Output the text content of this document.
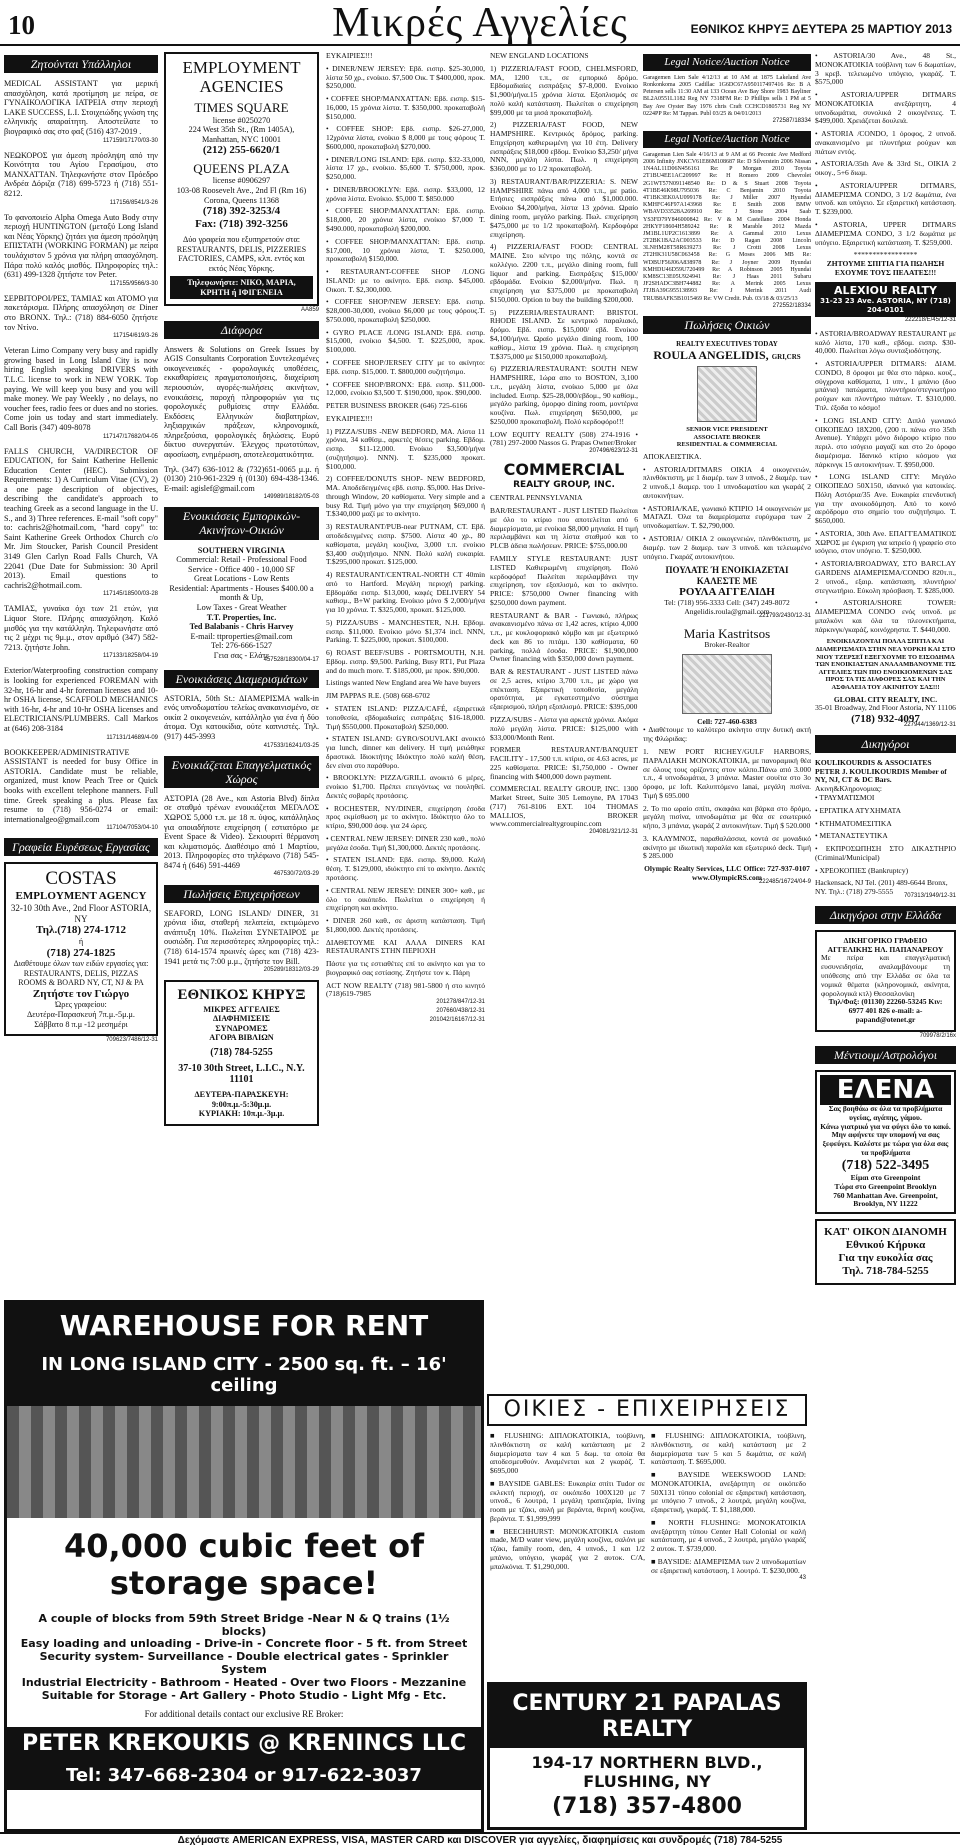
10	Μικρές Αγγελίες	ΕΘΝΙΚΟΣ ΚΗΡΥΞ ΔΕΥΤΕΡΑ 25 ΜΑΡΤΙΟΥ 2013
Ζητούνται Υπάλληλοι

MEDICAL ASSISTANT για μερική απασχόληση, κατά προτίμηση με πείρα, σε ΓΥΝΑΙΚΟΛΟΓΙΚΑ ΙΑΤΡΕΙΑ στην περιοχή LAKE SUCCESS, L.I. Στοιχειώδης γνώση της ελληνικής απαραίτητη. Αποστείλατε το βιογραφικό σας στο φαξ (516) 437-2019 .

117159/17170/03-30

ΝΕΩΚΟΡΟΣ για άμεση πρόσληψη από την Κοινότητα του Αγίου Γερασίμου, στο ΜΑΝΧΑΤΤΑΝ. Τηλεφωνήστε στον Πρόεδρο Ανδρέα Δόριζα (718) 699-5723 ή (718) 551-8212.

117156/8541/3-26

Το φανοποιείο Alpha Omega Auto Body στην περιοχή HUNTINGTON (μεταξύ Long Island και Νέας Υόρκης) ζητάει για άμεση πρόσληψη ΕΠΙΣΤΑΤΗ (WORKING FORMAN) με πείρα τουλάχιστον 5 χρόνια για πλήρη απασχόληση. Πάρα πολύ καλός μισθός. Πληροφορίες τηλ.: (631) 499-1328 ζητήστε τον Peter.

117155/9566/3-30

ΣΕΡΒΙΤΟΡΟΙ/ΡΕΣ, ΤΑΜΙΑΣ και ΑΤΟΜΟ για πακετάρισμα. Πλήρης απασχόληση σε Diner στο BRONX. Τηλ.: (718) 884-6050 ζητήστε τον Ντίνο.

117154/619/3-26

Veteran Limo Company very busy and rapidly growing based in Long Island City is now hiring English speaking DRIVERS with T.L.C. license to work in NEW YORK. Top paying. We will keep you busy and you will make money. We pay Weekly , no delays, no voucher fees, radio fees or dues and no stories. Come join us today and start immediately. Call Boris (347) 409-8078

117147/17682/04-05

FALLS CHURCH, VA/DIRECTOR OF EDUCATION, for Saint Katherine Hellenic Education Center (HEC). Submission Requirements: 1) A Curriculum Vitae (CV), 2) a one page description of objectives, describing the candidate's approach to teaching Greek as a second language in the U. S., and 3) Three references. E-mail "soft copy" to: cachris2@hotmail.com, "hard copy" to: Saint Katherine Greek Orthodox Church c/o Mr. Jim Stoucker, Parish Council President 3149 Glen Carlyn Road Falls Church, VA 22041 (Due Date for Submission: 30 April 2013). Email questions to cachris2@hotmail.com.

117145/18500/03-28

ΤΑΜΙΑΣ, γυναίκα όχι των 21 ετών, για Liquor Store. Πλήρης απασχόληση. Καλό μισθός για την κατάλληλη. Τηλεφωνήστε από τις 2 μέχρι τις 9μ.μ., στον αριθμό (347) 582-7213. ζητήστε John.

117133/18258/04-19

Exterior/Waterproofing construction company is looking for experienced FOREMAN with 32-hr, 16-hr and 4-hr foreman licenses and 10-hr OSHA license, SCAFFOLD MECHANICS with 16-hr, 4-hr and 10-hr OSHA licenses and ELECTRICIANS/PLUMBERS. Call Markos at (646) 208-3184

117131/14689/4-09

BOOKKEEPER/ADMINISTRATIVE ASSISTANT is needed for busy Office in ASTORIA. Candidate must be reliable, organized, must know Peach Tree or Quick books with excellent telephone manners. Full time. Greek speaking a plus. Please fax resume to (718) 956-0274 or email: internationalgeo@gmail.com

117104/7053/04-10
Γραφεία Ευρέσεως Εργασίας
COSTAS
EMPLOYMENT AGENCY
32-10 30th Ave., 2nd Floor ASTORIA, NY
Τηλ.(718) 274-1712
ή
(718) 274-1825
Διαθέτουμε όλων των ειδών εργασίες για: RESTAURANTS, DELIS, PIZZAS ROOMS & BOARD NY, CT, NJ & PA
Ζητήστε τον Γιώργο
Ώρες γραφείου:
Δευτέρα-Παρασκευή 7π.μ.-5μ.μ.
Σάββατο 8 π.μ -12 μεσημέρι
709623/7486/12-31
EMPLOYMENT AGENCIES
TIMES SQUARE
license #0250270
224 West 35th St., (Rm 1405A), Manhattan, NYC 10001
(212) 255-6620/1
QUEENS PLAZA
license #0906297
103-08 Roosevelt Ave., 2nd Fl (Rm 16) Corona, Queens 11368
(718) 392-3253/4
Fax: (718) 392-3256
Δύο γραφεία που εξυπηρετούν στα: RESTAURANTS, DELIS, PIZZERIES FACTORIES, CAMPS, κλπ. εντός και εκτός Νέας Υόρκης.
Τηλεφωνήστε: ΝΙΚΟ, ΜΑΡΙΑ, ΚΡΗΤΗ ή ΙΦΙΓΕΝΕΙΑ
AA859
Διάφορα

Answers & Solutions on Greek Issues by AGIS Consultants Corporation Συντελεσμένες οικογενειακές - φορολογικές υποθέσεις, εκκαθαρίσεις πραγματοποιήσεις, διαχείριση περιουσιών, αγορές-πωλήσεις ακινήτων, ενοικιάσεις, παροχή πληροφοριών για τις φορολογικές ρυθμίσεις στην Ελλάδα. Εκδόσεις Ελληνικών διαβατηρίων, ληξιαρχικών πράξεων, κληρονομικά, πληρεξούσια, φορολογικές δηλώσεις. Ευρύ δίκτυο συνεργατών. Έλεγχος πρωτοτύπων, αφοσίωση, ενημέρωση, αποτελεσματικότητα.

Τηλ. (347) 636-1012 & (732)651-0065 μ.μ. ή (0130) 210-961-2329 ή (0130) 694-438-1346. E-mail: agislef@gmail.com

149989/18182/05-03
Ενοικιάσεις Εμπορικών-Ακινήτων-Οικιών
SOUTHERN VIRGINIA
Commercial: Retail - Professional Food Service - Office 400 - 10,000 SF
Great Locations - Low Rents
Residential: Apartments - Houses $400.00 a month & Up,
Low Taxes - Great Weather
T.T. Properties, Inc.
Ted Balabanis - Chris Harvey
E-mail: ttproperties@mail.com
Tel: 276-666-1527
Γεια σας - Ελάτε
457528/18300/04-17
Ενοικιάσεις Διαμερισμάτων

ASTORIA, 50th St.: ΔΙΑΜΕΡΙΣΜΑ walk-in ενός υπνοδωματίου τελείως ανακαινισμένο, σε οικία 2 οικογενειών, κατάλληλο για ένα ή δύο άτομα. Όχι κατοικίδια, ούτε καπνιστές. Τηλ. (917) 445-3993

417533/16241/03-25
Ενοικιάζεται Επαγγελματικός Χώρος

ΑΣΤΟΡΙΑ (28 Ave., και Astoria Blvd) δίπλα σε σταθμό τρένων ενοικιάζεται ΜΕΓΑΛΟΣ ΧΩΡΟΣ 5,000 τ.π. με 18 π. ύψος, κατάλληλος για οποιαδήποτε επιχείρηση ( εστιατόριο με Event Space & Video). Σεκιουριτί θέρμανση και κλιματισμός. Διαθέσιμο από 1 Μαρτίου, 2013. Πληροφορίες στο τηλέφωνο (718) 545-8474 ή (646) 591-4469

467530/72/03-29
Πωλήσεις Επιχειρήσεων

SEAFORD, LONG ISLAND/ DINER, 31 χρόνια ίδια, σταθερή πελατεία, εκτιμώμενο ανάπτυξη 10%. Πωλείται ΣΥΝΕΤΑΙΡΟΣ με ουσιώδη. Για περισσότερες πληροφορίες τηλ.: (718) 614-1574 πρωινές ώρες και (718) 423-1941 μετά τις 7:00 μ.μ., ζητήστε τον Bill.

205289/18312/03-29
ΕΘΝΙΚΟΣ ΚΗΡΥΞ
ΜΙΚΡΕΣ ΑΓΓΕΛΙΕΣ
ΔΙΑΦΗΜΙΣΕΙΣ
ΣΥΝΔΡΟΜΕΣ
ΑΓΟΡΑ ΒΙΒΛΙΩΝ
(718) 784-5255
37-10 30th Street, L.I.C., N.Y. 11101
ΔΕΥΤΕΡΑ-ΠΑΡΑΣΚΕΥΗ:
9:00π.μ.-5:30μ.μ.
ΚΥΡΙΑΚΗ: 10π.μ.-3μ.μ.
ΕΥΚΑΙΡΙΕΣ!!!
• DINER/NEW JERSEY: Εβδ. εισπρ. $25-30,000, λίστα 50 χρ., ενοίκιο. $7,500 Οικ. T $400,000, προκ. $250,000.
• COFFEE SHOP/ΜΑΝΧΑΤΤΑΝ: Εβδ. εισπρ. $15-16,000, 15 χρόνια λίστα. T. $350,000. προκαταβολή $150,000.
• COFFEE SHOP: Εβδ. εισπρ. $26-27,000, 12χρόνια λίστα, ενοίκιο $ 8,000 με τους φόρους T. $600,000, προκαταβολή $270,000.
• DINER/LONG ISLAND: Εβδ. εισπρ. $32-33,000, λίστα 17 χρ., ενοίκιο. $5,600 T. $750,000, προκ. $250,000.
• DINER/BROOKLYN: Εβδ. εισπρ. $33,000, 12 χρόνια λίστα. Ενοίκιο. $5,000 T. $850.000
• COFFEE SHOP/ΜΑΝΧΑΤΤΑΝ: Εβδ. εισπρ. $18,000, 20 χρόνια λίστα, ενοίκιο $7,000 T. $490.000, προκαταβολή $200,000.
• COFFEE SHOP/ΜΑΝΧΑΤΤΑΝ: Εβδ. εισπρ. $17,000, 10 χρόνια λίστα, T. $250.000, προκαταβολή $150,000.
• RESTAURANT-COFFEE SHOP /LONG ISLAND: με το ακίνητο. Εβδ. εισπρ. $45,000. Οικοπ. T. $2,300,000.
• COFFEE SHOP/NEW JERSEY: Εβδ. εισπρ. $28,000-30,000, ενοίκιο $6,000 με τους φόρους.T. $750.000, προκαταβολή $250,000.
• GYRO PLACE /LONG ISLAND: Εβδ. εισπρ. $15,000, ενοίκιο $4,500. T. $225,000, προκ. $100,000.
• COFFEE SHOP/JERSEY CITY με το ακίνητο: Εβδ. εισπρ. $15,000. T. $800,000 συζητήσιμο.
• COFFEE SHOP/BRONX: Εβδ. εισπρ. $11,000-12,000, ενοίκιο $3,500 T. $190,000, προκ. $90,000.
PETER BUSINESS BROKER (646) 725-6166
ΕΥΚΑΙΡΙΕΣ!!!
1) PIZZA/SUBS -NEW BEDFORD, MA. Λίστα 11 χρόνια, 34 καθίσμ., αρκετές θέσεις parking. Εβδομ. εισπρ. $11-12,000. Ενοίκιο $3,500/μήνα (συζητήσιμο). NNN). T. $235,000 προκατ. $100,000.
2) COFFEE/DONUTS SHOP- NEW BEDFORD, MA. Αποδεδειγμένες εβδ. εισπρ. $5,000. Has Drive-through Window, 20 καθίσματα. Very simple and a busy Rd. Τιμή μόνο για την επιχείρηση $69,000 ή T.$340,000 μαζί με το ακίνητο.
3) RESTAURANT/PUB-near PUTNAM, CT. Εβδ. αποδεδειγμένες εισπρ. $7500. Λίστα 40 χρ., 80 καθίσματα, μεγάλη κουζίνα, 3,000 τ.π. ενοίκιο $3,400 συζητήσιμο. NNN. Πολύ καλή ευκαιρία. T.$295,000 προκατ. $125,000.
4) RESTAURANT/CENTRAL-NORTH CT 40min από το Hartford. Μεγάλη περιοχή parking. Εβδομάδα εισπρ. $13,000, καφές DELIVERY 54 καθισμ., B+W parking. Ενοίκιο μόνο $ 2,000/μήνα για 10 χρόνια. T. $325,000, προκατ. $125,000.
5) PIZZA/SUBS - MANCHESTER, N.H. Εβδομ. εισπρ. $11,000. Ενοίκιο μόνο $1,374 incl. NNN, Parking. T. $225,000, προκατ. $100,000.
6) ROAST BEEF/SUBS - PORTSMOUTH, N.H. Εβδομ. εισπρ. $9,500. Parking, Busy RT1, Put Plaza and do much more. T. $185,000, με προκ. $90,000.
Listings wanted New England area We have buyers
JIM PAPPAS R.E. (508) 668-6702
• STATEN ISLAND: PIZZA/CAFÉ, εξαιρετικά τοποθεσία, εβδομαδιαίες εισπράξεις $16-18,000. Τιμή $550,000. Προκαταβολή $250,000.
• STATEN ISLAND: GYRO/SOUVLAKI ανοικτό για lunch, dinner και delivery. Η τιμή μειώθηκε δραστικά. Ιδιοκτήτης Ιδιόκτητο πολύ καλή θέση, δεν είναι στο παράθυρο.
• BROOKLYN: PIZZA/GRILL ανοικτό 6 μέρες, ενοίκιο $1,700. Πρέπει επειγόντως να πουληθεί. Δεκτές σοβαρές προτάσεις.
• ROCHESTER, NY/DINER, επιχείρηση έσοδα προς εκμίσθωση με το ακίνητο. Ιδιόκτητο όλο το κτίριο, $90,000 άσφ. για 24 ώρες.
• CENTRAL NEW JERSEY: DINER 230 καθ., πολύ μεγάλα έσοδα. Τιμή $1,300,000. Δεκτές προτάσεις.
• STATEN ISLAND: Εβδ. εισπρ. $9,000. Καλή θέση. T. $129,000, ιδιόκτητο επί το ακίνητο. Δεκτές προτάσεις.
• CENTRAL NEW JERSEY: DINER 300+ καθ., με όλο το οικόπεδο. Πωλείται ο επιχείρηση ή επιχείρηση και ακίνητο.
• DINER 260 καθ., σε άριστη κατάσταση. Τιμή $1,800,000. Δεκτές προτάσεις.
ΔΙΑΘΕΤΟΥΜΕ ΚΑΙ ΑΛΛΑ DINERS ΚΑΙ RESTAURANTS ΣΤΗΝ ΠΕΡΙΟΧΗ
Πάστε για τις εστιαθέτες επί το ακίνητο και για το βιογραφικό σας εστίασης. Ζητήστε τον κ. Πάρη
ACT NOW REALTY (718) 981-5800 ή στο κινητό (718)619-7985
201278/847/12-31
207660/438/12-31
201042/16167/12-31
NEW ENGLAND LOCATIONS
1) PIZZERIA/FAST FOOD, CHELMSFORD, MA, 1200 τ.π., σε εμπορικό δρόμο. Εβδομαδιαίες εισπράξεις $7-8,000. Ενοίκιο $1,900/μήνα.15 χρόνια λίστα. Εξοπλισμός σε πολύ καλή κατάσταση. Πωλείται ο επιχείρηση $99,000 με τα μισά προκαταβολή.
2) PIZZERIA/FAST FOOD, NEW HAMPSHIRE. Κεντρικός δρόμος, parking. Επιχείρηση καθιερωμένη για 10 έτη. Delivery εισπράξεις $18,000 εβδομ. Ενοίκιο $3,250/ μήνα NNN, μεγάλη λίστα. Πωλ. η επιχείρηση $360,000 με το 1/2 προκαταβολή.
3) RESTAURANT/BAR/PIZZERIA: S. NEW HAMPSHIRE πάνω από 4,000 τ.π., με patio. Ετήσιες εισπράξεις πάνω από $1,000.000. Ενοίκιο $4,200/μήνα, λίστα 13 χρόνια. Ωραίο dining room, μεγάλο parking. Πωλ. επιχείρηση $475,000 με το 1/2 προκαταβολή. Κερδοφόρα επιχείρηση.
4) PIZZERIA/FAST FOOD: CENTRAL MAINE. Στο κέντρο της πόλης, κοντά σε κολλέγιο. 2200 τ.π., μεγάλο dining room, full liquor and parking. Εισπράξεις $15,000/ εβδομάδα. Ενοίκιο $2,000/μήνα. Πωλ. η επιχείρηση για $375,000 με προκαταβολή $150,000. Option to buy the building $200,000.
5) PIZZERIA/RESTAURANT: BRISTOL RHODE ISLAND. Σε κεντρικό παραλιακό, δρόμο. Εβδ. εισπρ. $15,000/ εβδ. Ενοίκιο $4,100/μήνα. Ωραίο μεγάλο dining room, 100 καθίσμ., λίστα 19 χρόνια. Πωλ. η επιχείρηση T.$375,000 με $150,000 προκαταβολή.
6) PIZZERIA/RESTAURANT: SOUTH NEW HAMPSHIRE, 1ώρα απο το BOSTON, 3,100 τ.π., μεγάλη λίστα, ενοίκιο 5,000 με όλα included. Εισπρ. $25-28,000/εβδομ., 90 καθίσμ., μεγάλο parking, όμορφο dining room, μοντέρνα κουζίνα. Πωλ. επιχείρηση $650,000, με $250,000 προκαταβολή. Πολύ κερδοφόρο!!!
LOW EQUITY REALTY (508) 274-1916 • (781) 297-2000 Nassos G. Prapas Owner/Broker
207496/623/12-31
COMMERCIAL
REALTY GROUP, INC.
CENTRAL PENNSYLVANIA
BAR/RESTAURANT - JUST LISTED Πωλείται με όλο το κτίριο που αποτελείται από 6 διαμερίσματα, με ενοίκια $8,000 μηνιαία. Η τιμή περιλαμβάνει και τη λίστα σταθμού και το PLCB άδεια πωλήσεων. PRICE: $755,000.00
FAMILY STYLE RESTAURANT: JUST LISTED Καθιερωμένη επιχείρηση. Πολύ κερδοφόρα! Πωλείται περιλαμβάνει την επιχείρηση, τον εξοπλισμό, και το ακίνητο. PRICE: $750,000 Owner financing with $250,000 down payment.
RESTAURANT & BAR - Γωνιακό, πλήρως ανακαινισμένο πάνω σε 1,42 acres, κτίριο 4,000 τ.π., με κυκλοφοριακό κόμβο και με εξωτερικό deck και 86 το πιτάμι. 130 καθίσματα, 60 parking, πολλά έσοδα. PRICE: $1,900,000 Owner financing with $350,000 down payment.
BAR & RESTAURANT - JUST LISTED πάνω σε 2,5 acres, κτίριο 3,700 τ.π., με χώρο για επέκταση. Εξαιρετική τοποθεσία, μεγάλη ορατότητα, με εγκατεστημένο σύστημα εξαερισμού, πλήρη εξοπλισμό. PRICE: $395,000
PIZZA/SUBS - Λίστα για αρκετά χρόνια. Ακόμα πολύ μεγάλη λίστα. PRICE: $125,000 with $33,000/Month Rent.
FORMER RESTAURANT/BANQUET FACILITY - 17,500 τ.π. κτίριο, σε 4.63 acres, με 225 καθίσματα. PRICE: $1,750,000 - Owner financing with $400,000 down payment.
COMMERCIAL REALTY GROUP, INC. 1300 Market Street, Suite 305 Lemoyne, PA 17043 (717) 761-8106 EXT. 104 THOMAS MALLIOS, BROKER www.commercialrealtygroupinc.com
204081/321/12-31
Legal Notice/Auction Notice
Garagemen Lien Sale 4/12/13 at 10 AM at 1875 Lakeland Ave Ronkonkoma 2005 Cadillac 1G6DC67A950117497416 Re: B A Petersen sells 11:30 AM at 133 Ocean Ave Bay Shore 1983 Bayliner BL2A0551L1182 Reg NY 7318FM Re: D Phillips sells 1 PM at 5 Bay Ave Oyster Bay 1976 chris Craft CCHCD1805731 Reg NY 0224PP Re: M Tappan. Publ 03/25 & 04/01/2013
272587/18334
Legal Notice/Auction Notice
Garageman Lien Sale 4/16/13 at 9 AM at 66 Peconic Ave Medford 2006 Infinity JNKCV61E86M108687 Re: D Silverstein 2006 Nissan 1N4AL11D06N456161 Re: P Morgan 2010 Toyota 2T1BU4EE1AC209997 Re: H Romero 2009 Chevrolet 2G1WT57N091148540 Re: D & S Stuart 2008 Toyota 4T1BE46K98U795036 Re: C Benjamin 2010 Toyota 4T1BK3EK0AU099178 Re: J Miller 2007 Hyundai KMHFC46F97A143968 Re: E Smith 2008 BMW WBAVD33528A269910 Re: J Stone 2004 Saab YS3FD79Y846000842 Re: V & M Castellano 2004 Honda 2HKYF18604H589242 Re: R Marable 2012 Mazda JM1BL1UP2C1613899 Re: A Gammal 2010 Lexus 2T2BK1BA2AC003533 Re: D Ragan 2008 Lincoln 3LNHM28T58R639273 Re: J Crotti 2008 Lexus 2T2HK31U58C063458 Re: G Moses 2006 MB Re: WDBUF56J06A838978 Re: J Joyner 2009 Hyundai KMHDU46D59U720499 Re: A Robinson 2005 Hyundai KM8SC13E05U924941 Re: J Haas 2011 Subaru JF2SHADC3BH744882 Re: A Merink 2005 Lexus JTJBA39G955138993 Re: J Merink 2011 Audi TRUB8AFK5B1015469 Re: VW Credit. Pub. 03/18 & 03/25/13
272552/18334
Πωλήσεις Οικιών
REALTY EXECUTIVES TODAY
ROULA ANGELIDIS, GRI,CRS
SENIOR VICE PRESIDENT
ASSOCIATE BROKER
RESIDENTIAL & COMMERCIAL
ΑΠΟΚΛΕΙΣΤΙΚΑ.
• ASTORIA/DITMARS ΟΙΚΙΑ 4 οικογενειών, πλινθόκτιστη, με 1 διαμέρ. των 3 υπνοδ., 2 διαμέρ. των 2 υπνοδ.,1 διαμερ. του 1 υπνοδωματίου και γκαράζ 2 αυτοκινήτων.
• ASTORIA/ΚΛΕ, γωνιακό ΚΤΙΡΙΟ 14 οικογενειών με ΜΑΓΑΖΙ. Όλα τα διαμερίσματα ευρύχωρα των 2 υπνοδωματίων. T. $2,790,000.
• ASTORIA/ ΟΙΚΙΑ 2 οικογενειών, πλινθόκτιστη, με διαμέρ. των 2 διαμερ. των 3 υπνοδ. και τελειωμένο υπόγειο. Γκαράζ αυτοκινήτου.
ΠΟΥΛΑΤΕ Ή ΕΝΟΙΚΙΑΖΕΤΑΙ
ΚΑΛΕΣΤΕ ΜΕ
ΡΟΥΛΑ ΑΓΓΕΛΙΔΗ
Tel: (718) 956-3333 Cell: (347) 249-8072 Angelidis.roula@gmail.com
221793/2430/12-31
Maria Kastritsos
Broker-Realtor
Cell: 727-460-6383
• Διαθέτουμε το καλύτερο ακίνητο στην δυτική ακτή της Φλώριδας:
1. NEW PORT RICHEY/GULF HARBORS, ΠΑΡΑΛΙΑΚΗ ΜΟΝΟΚΑΤΟΙΚΙΑ, με πανοραμική θέα σε όλους τους ορίζοντες στον κόλπο.Πάνω από 3.000 τ.π., 4 υπνοδωμάτια, 3 μπάνια. Master σουίτα στο 3ο όροφο, με loft. Καλυπτόμενο lanai, μεγάλη πισίνα. Τιμή $ 695.000
2. Το πιο ωραίο σπίτι, σκαφάκι και βάρκα στο δρόμο, μεγάλη πισίνα, υπνοδωμάτια με θέα σε εσωτερικό κήπο, 3 μπάνια, γκαράζ 2 αυτοκινήτων. Τιμή $ 520.000
3. ΚΑΛΥΜΝΟΣ, παραθαλάσσια, κοντά σε μοναδικό ακίνητο με ιδιωτική παραλία και εξωτερικό deck. Τιμή $ 285.000
Olympic Realty Services, LLC Office: 727-937-0107 www.OlympicRS.com
222485/16724/04-9
• ASTORIA/30 Ave., 48 St., ΜΟΝΟΚΑΤΟΙΚΙΑ τούβλινη των 6 δωματίων, 3 κρεβ. τελειωμένο υπόγειο, γκαράζ. T. $575,000
• ASTORIA/UPPER DITMARS ΜΟΝΟΚΑΤΟΙΚΙΑ ανεξάρτητη, 4 υπνοδωμάτια, συνολικά 2 οικογένειες. T. $499,000. Χρειάζεται δουλειά.
• ASTORIA /CONDO, 1 όροφος, 2 υπνοδ. ανακαινισμένο με πλυντήρια ρούχων και πιάτων εντός.
• ASTORIA/35th Ave & 33rd St., ΟΙΚΙΑ 2 οικογ., 5+6 διωμ.
• ASTORIA/UPPER DITMARS, ΔΙΑΜΕΡΙΣΜΑ CONDO, 3 1/2 δωμάτια, ένα υπνοδ. και υπόγειο. Σε εξαιρετική κατάσταση. T. $239,000.
• ASTORIA, UPPER DITMARS ΔΙΑΜΕΡΙΣΜΑ CONDO, 3 1/2 δωμάτια με υπόγειο. Εξαιρετική κατάσταση. T. $259,000.
*****************
ΖΗΤΟΥΜΕ ΣΠΙΤΙΑ ΓΙΑ ΠΩΛΗΣΗ ΕΧΟΥΜΕ ΤΟΥΣ ΠΕΛΑΤΕΣ!!!
ALEXIOU REALTY
31-23 23 Ave. ASTORIA, NY (718) 204-0101
222218/E/45/12-31
• ASTORIA/BROADWAY RESTAURANT με καλό λίστα, 170 καθ., εβδομ. εισπρ. $30-40,000. Πωλείται λόγω συνταξιοδότησης.
• ASTORIA/UPPER DITMARS: ΔΙΑΜ. CONDO, 8 όροφοι με θέα στο πάρκο. κουζ., σύγχρονα καθίσματα, 1 υπν., 1 μπάνιο (δυο μπάνια) πατώματα, πλυντήριο/στεγνωτήριο ρούχων και πλυντήριο πιάτων. T. $310,000. Τπλ. έξοδα το κόσμο!
• LONG ISLAND CITY: Διπλό γωνιακό ΟΙΚΟΠΕΔΟ 18X200, (200 π. πάνω στο 35th Avenue). Υπάρχει μόνο διόροφο κτίριο που περιλ. στο ισόγειο μαγαζί και στο 2ο όροφο διαμέρισμα. Ιδανικό κτίριο κόσμου για πάρκινγκ 15 αυτοκινήτων. T. $950,000.
• LONG ISLAND CITY: Μεγάλο ΟΙΚΟΠΕΔΟ 50X150, ιδανικό για κατοικίες. Πόλη Αστόρια/35 Ave. Ευκαιρία επενδυτική για την ανοικοδόμηση. Από το κοινό αερόδρομο στο σημείο του συζητήσιμο. T. $650,000.
• ASTORIA, 30th Ave. ΕΠΑΓΓΕΛΜΑΤΙΚΟΣ ΧΩΡΟΣ με έγκριση για ιατρείο ή γραφείο στο ισόγειο, στον υπόγειο. T. $250,000.
• ASTORIA/BROADWAY, ΣΤΟ BARCLAY GARDENS ΔΙΑΜΕΡΙΣΜΑ/CONDO 820τ.π., 2 υπνοδ., εξαιρ. κατάσταση, πλυντήριο/στεγνωτήριο. Εύκολη πρόσβαση. T. $285,000.
• ASTORIA/SHORE TOWER: ΔΙΑΜΕΡΙΣΜΑ CONDO ενός υπνοδ. με μπαλκόνι και όλα τα πλεονεκτήματα, πάρκινγκ/γκαράζ, κοινόχρηστα. T. $440,000.
ΕΝΟΙΚΙΑΖΟΝΤΑΙ ΠΟΛΛΑ ΣΠΙΤΙΑ ΚΑΙ ΔΙΑΜΕΡΙΣΜΑΤΑ ΣΤΗΝ ΝΕΑ ΥΟΡΚΗ ΚΑΙ ΣΤΟ ΝΙΟΥ ΤΖΕΡΣΕΪ ΕΞΕΓΧΟΥΜΕ ΤΟ ΕΙΣΟΔΗΜΑ ΤΩΝ ΕΝΟΙΚΙΑΣΤΩΝ ΑΝΑΛΑΜΒΑΝΟΥΜΕ ΤΙΣ ΑΓΓΕΛΙΕΣ ΤΩΝ ΠΙΟ ΕΝΟΙΚΙΟΜΕΝΩΝ ΣΑΣ ΠΡΟΣ ΤΑ ΤΙΣ ΔΙΑΦΟΡΕΣ ΣΑΣ ΚΑΙ ΤΗΝ ΑΣΦΑΛΕΙΑ ΤΟΥ ΑΚΙΝΗΤΟΥ ΣΑΣ!!!
GLOBAL CITY REALTY, INC.
35-01 Broadway, 2nd Floor Astoria, NY 11106
(718) 932-4097
227944/1369/12-31
Δικηγόροι
KOULIKOURDIS & ASSOCIATES PETER J. KOULIKOURDIS Member of NY, NJ, CT & DC Bars.
Ακινη&Κληρονομιας:
• ΤΡΑΥΜΑΤΙΣΜΟΙ
• ΕΡΓΑΤΙΚΑ ΑΤΥΧΗΜΑΤΑ
• ΚΤΗΜΑΤΟΜΕΣΙΤΙΚΑ
• ΜΕΤΑΝΑΣΤΕΥΤΙΚΑ
• ΕΚΠΡΟΣΩΠΗΣΗ ΣΤΟ ΔΙΚΑΣΤΗΡΙΟ (Criminal/Municipal)
• ΧΡΕΟΚΟΠΙΕΣ (Bankruptcy)
Hackensack, NJ Tel. (201) 489-6644 Bronx, NY. Τηλ.: (718) 279-5555	707313/1949/12-31
Δικηγόροι στην Ελλάδα
ΔΙΚΗΓΟΡΙΚΟ ΓΡΑΦΕΙΟ ΑΓΓΕΛΙΚΗΣ ΗΛ. ΠΑΠΑΝΑΡΕΟΥ
Με πείρα και επαγγελματική ευσυνειδησία, αναλαμβάνουμε τη υπόθεσης από την Ελλάδα σε όλα τα νομικά θέματα (κληρονομικά, ακίνητα, φορολογικά κτλ) Θεσσαλονίκη
Τηλ/Φαξ: (01130) 22260-53245 Κιν: 6977 401 826 e-mail: a-papand@otenet.gr
709978/2/16x
Μέντιουμ/Αστρολόγοι
ΕΛΕΝΑ
Σας βοηθάω σε όλα τα προβλήματα υγείας, αγάπης, γάμου.
Κάνω γιατρικό για να φύγει όλο το κακό.
Μην αφήνετε την υπομονή να σας ξεφεύγει. Καλέστε με τώρα για όλα σας τα προβλήματα
(718) 522-3495
Είμαι στο Greenpoint
Τώρα στο Greenpoint Brooklyn
760 Manhattan Ave. Greenpoint, Brooklyn, NY 11222
ΚΑΤ' ΟΙΚΟΝ ΔΙΑΝΟΜΗ
Εθνικού Κήρυκα
Για την ευκολία σας
Τηλ. 718-784-5255
WAREHOUSE FOR RENT
IN LONG ISLAND CITY - 2500 sq. ft. – 16' ceiling
40,000 cubic feet of storage space!
A couple of blocks from 59th Street Bridge -Near N & Q trains (1½ blocks)
Easy loading and unloading - Drive-in - Concrete floor - 5 ft. from Street
Security system- Surveillance - Double electrical gates - Sprinkler System
Industrial Electricity - Bathroom - Heated - Over two Floors - Mezzanine
Suitable for Storage - Art Gallery - Photo Studio - Light Mfg - Etc.
For additional details contact our exclusive RE Broker:
PETER KREKOUKIS @ KRENINCS LLC
Tel: 347-668-2304 or 917-622-3037
ΟΙΚΙΕΣ - ΕΠΙΧΕΙΡΗΣΕΙΣ
■ FLUSHING: ΔΙΠΛΟΚΑΤΟΙΚΙΑ, τούβλινη, πλινθόκτιστη σε καλή κατάσταση με 2 διαμερίσματα των 4 και 5 δωμ. τα οποία θα αποδεσμευθούν. Αναμένεται και 2 γκαράζ. T. $695,000
■ BAYSIDE GABLES: Ευκαιρία σπίτι Tudor σε εκλεκτή περιοχή, σε οικόπεδο 100X120 με 7 υπνοδ., 6 λουτρά, 1 μεγάλη τραπεζαρία, living room με τζάκι, αυλή με βεράντα, θερινή κουζίνα, βεράντα. T. $1,999,999
■ BEECHHURST: ΜΟΝΟΚΑΤΟΙΚΙΑ custom made, M/D water view, μεγάλη κουζίνα, σαλόνι με τζάκι, family room, den, 4 υπνοδ., 1 και 1/2 μπάνιο, υπόγειο, γκαράζ για 2 αυτοκ. C/A, μπαλκόνια. T. $1,290,000.
■ FLUSHING: ΔΙΠΛΟΚΑΤΟΙΚΙΑ, τούβλινη, πλινθόκτιστη, σε καλή κατάσταση με 2 διαμερίσματα των 5 και 5 δωμάτια, σε καλή κατάσταση. T. $695,000.
■ BAYSIDE WEEKSWOOD LAND: ΜΟΝΟΚΑΤΟΙΚΙΑ, ανεξάρτητη σε οικόπεδο 50X131 τύπου colonial σε εξαιρετική κατάσταση, με υπόγειο 7 υπνοδ., 2 λουτρά, μεγάλη κουζίνα, εξαιρετική, γκαράζ. T. $1,188,000.
■ NORTH FLUSHING: ΜΟΝΟΚΑΤΟΙΚΙΑ ανεξάρτητη τύπου Center Hall Colonial σε καλή κατάσταση, με 4 υπνοδ., 2 λουτρά, μεγάλο γκαράζ 2 αυτοκ. T. $739,000.
■ BAYSIDE: ΔΙΑΜΕΡΙΣΜΑ των 2 υπνοδωματίων σε εξαιρετική κατάσταση, 1 λουτρό. T. $230,000.
43
CENTURY 21 PAPALAS REALTY
194-17 NORTHERN BLVD., FLUSHING, NY
(718) 357-4800
Δεχόμαστε AMERICAN EXPRESS, VISA, MASTER CARD και DISCOVER για αγγελίες, διαφημίσεις και συνδρομές (718) 784-5255
